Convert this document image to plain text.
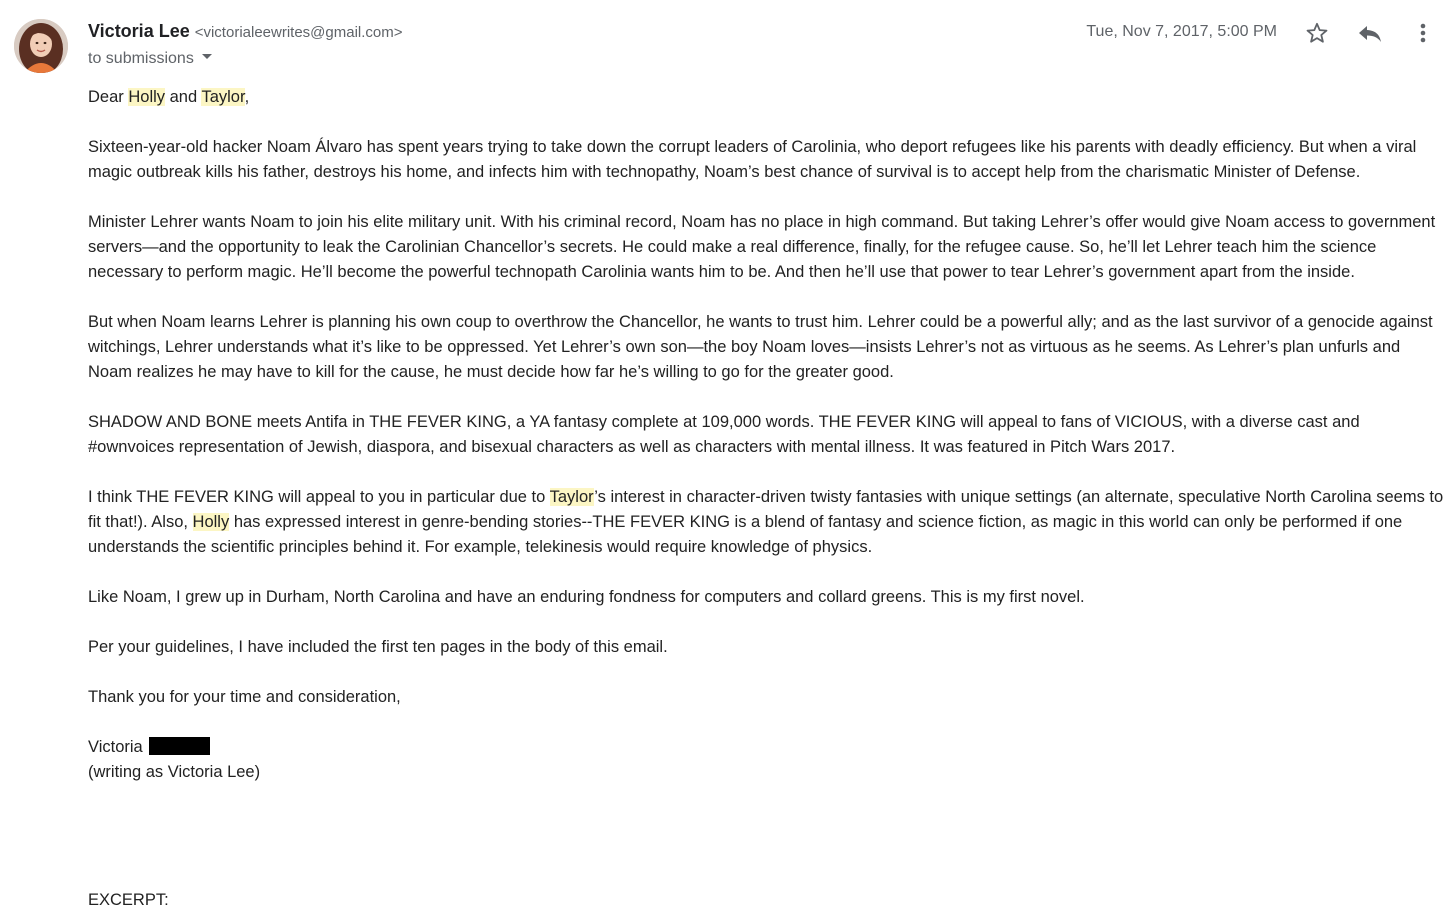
Victoria Lee <victorialeewrites@gmail.com>
to submissions
Tue, Nov 7, 2017, 5:00 PM

Dear Holly and Taylor,

Sixteen-year-old hacker Noam Álvaro has spent years trying to take down the corrupt leaders of Carolinia, who deport refugees like his parents with deadly efficiency. But when a viral magic outbreak kills his father, destroys his home, and infects him with technopathy, Noam’s best chance of survival is to accept help from the charismatic Minister of Defense.

Minister Lehrer wants Noam to join his elite military unit. With his criminal record, Noam has no place in high command. But taking Lehrer’s offer would give Noam access to government servers—and the opportunity to leak the Carolinian Chancellor’s secrets. He could make a real difference, finally, for the refugee cause. So, he’ll let Lehrer teach him the science necessary to perform magic. He’ll become the powerful technopath Carolinia wants him to be. And then he’ll use that power to tear Lehrer’s government apart from the inside.

But when Noam learns Lehrer is planning his own coup to overthrow the Chancellor, he wants to trust him. Lehrer could be a powerful ally; and as the last survivor of a genocide against witchings, Lehrer understands what it’s like to be oppressed. Yet Lehrer’s own son—the boy Noam loves—insists Lehrer’s not as virtuous as he seems. As Lehrer’s plan unfurls and Noam realizes he may have to kill for the cause, he must decide how far he’s willing to go for the greater good.

SHADOW AND BONE meets Antifa in THE FEVER KING, a YA fantasy complete at 109,000 words. THE FEVER KING will appeal to fans of VICIOUS, with a diverse cast and #ownvoices representation of Jewish, diaspora, and bisexual characters as well as characters with mental illness. It was featured in Pitch Wars 2017.

I think THE FEVER KING will appeal to you in particular due to Taylor’s interest in character-driven twisty fantasies with unique settings (an alternate, speculative North Carolina seems to fit that!). Also, Holly has expressed interest in genre-bending stories--THE FEVER KING is a blend of fantasy and science fiction, as magic in this world can only be performed if one understands the scientific principles behind it. For example, telekinesis would require knowledge of physics.

Like Noam, I grew up in Durham, North Carolina and have an enduring fondness for computers and collard greens. This is my first novel.

Per your guidelines, I have included the first ten pages in the body of this email.

Thank you for your time and consideration,

Victoria

(writing as Victoria Lee)

EXCERPT:
